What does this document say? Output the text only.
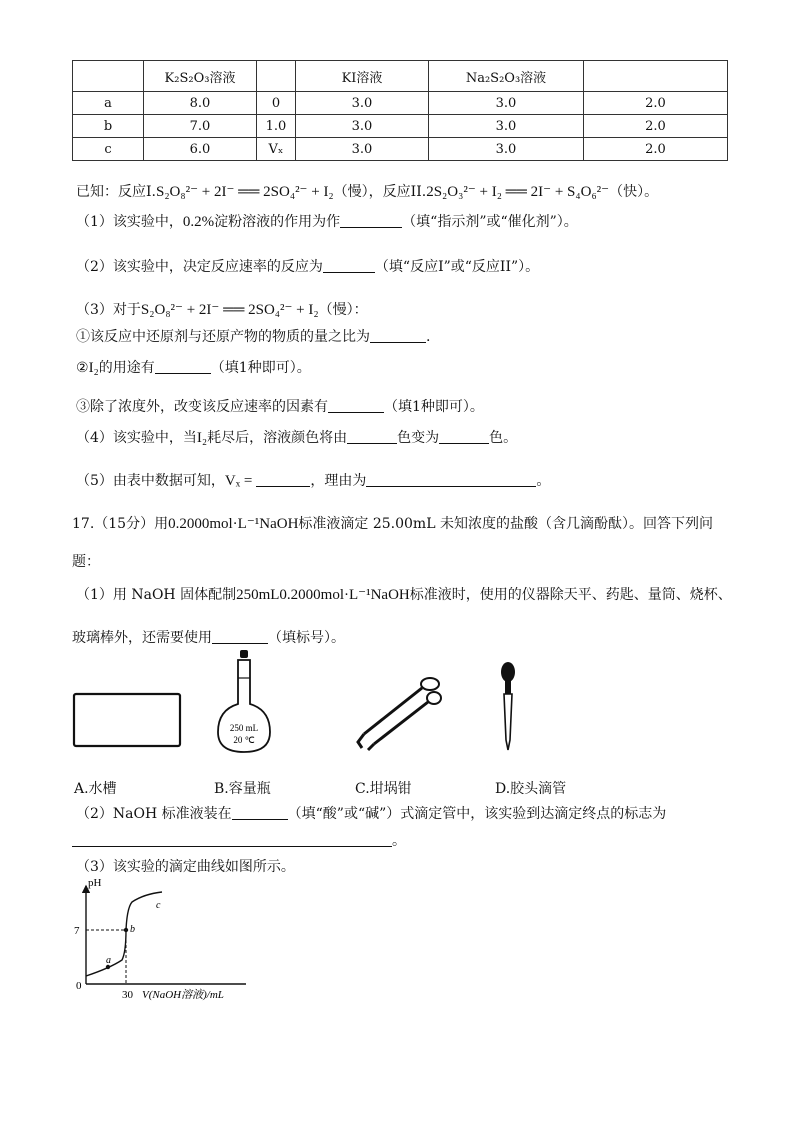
	K₂S₂O₃溶液		KI溶液	Na₂S₂O₃溶液	
a	8.0	0	3.0	3.0	2.0
b	7.0	1.0	3.0	3.0	2.0
c	6.0	Vₓ	3.0	3.0	2.0
已知：反应I.S₂O₈²⁻ + 2I⁻ ══ 2SO₄²⁻ + I₂（慢），反应II.2S₂O₃²⁻ + I₂ ══ 2I⁻ + S₄O₆²⁻（快）。
（1）该实验中，0.2%淀粉溶液的作用为作	（填“指示剂”或“催化剂”）。
（2）该实验中，决定反应速率的反应为	（填“反应I”或“反应II”）。
（3）对于S₂O₈²⁻ + 2I⁻ ══ 2SO₄²⁻ + I₂（慢）：
①该反应中还原剂与还原产物的物质的量之比为	.
②I₂的用途有	（填1种即可）。
③除了浓度外，改变该反应速率的因素有	（填1种即可）。
（4）该实验中，当I₂耗尽后，溶液颜色将由	色变为	色。
（5）由表中数据可知，Vₓ =	，理由为	。
17.（15分）用0.2000mol·L⁻¹NaOH标准液滴定 25.00mL 未知浓度的盐酸（含几滴酚酞）。回答下列问
题：
（1）用 NaOH 固体配制250mL0.2000mol·L⁻¹NaOH标准液时，使用的仪器除天平、药匙、量筒、烧杯、
玻璃棒外，还需要使用	（填标号）。
250 mL
20 ℃
A.水槽	B.容量瓶	C.坩埚钳	D.胶头滴管
（2）NaOH 标准液装在	（填“酸”或“碱”）式滴定管中，该实验到达滴定终点的标志为
。
（3）该实验的滴定曲线如图所示。
pH
0
7
30 V(NaOH溶液)/mL
a
b
c
